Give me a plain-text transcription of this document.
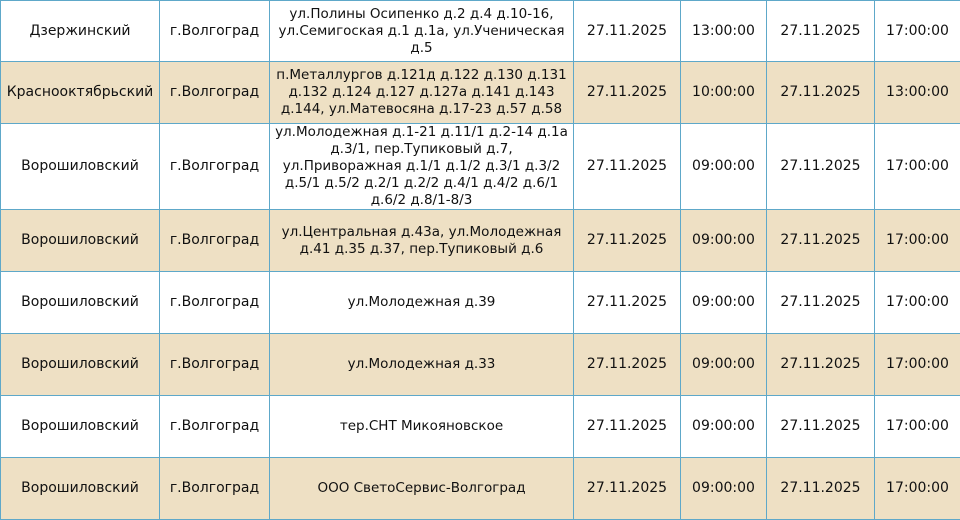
Дзержинский	г.Волгоград	ул.Полины Осипенко д.2 д.4 д.10-16, ул.Семигоская д.1 д.1а, ул.Ученическая д.5	27.11.2025	13:00:00	27.11.2025	17:00:00
Краснооктябрьский	г.Волгоград	п.Металлургов д.121д д.122 д.130 д.131 д.132 д.124 д.127 д.127а д.141 д.143 д.144, ул.Матевосяна д.17-23 д.57 д.58	27.11.2025	10:00:00	27.11.2025	13:00:00
Ворошиловский	г.Волгоград	ул.Молодежная д.1-21 д.11/1 д.2-14 д.1а д.3/1, пер.Тупиковый д.7, ул.Приворажная д.1/1 д.1/2 д.3/1 д.3/2 д.5/1 д.5/2 д.2/1 д.2/2 д.4/1 д.4/2 д.6/1 д.6/2 д.8/1-8/3	27.11.2025	09:00:00	27.11.2025	17:00:00
Ворошиловский	г.Волгоград	ул.Центральная д.43а, ул.Молодежная д.41 д.35 д.37, пер.Тупиковый д.6	27.11.2025	09:00:00	27.11.2025	17:00:00
Ворошиловский	г.Волгоград	ул.Молодежная д.39	27.11.2025	09:00:00	27.11.2025	17:00:00
Ворошиловский	г.Волгоград	ул.Молодежная д.33	27.11.2025	09:00:00	27.11.2025	17:00:00
Ворошиловский	г.Волгоград	тер.СНТ Микояновское	27.11.2025	09:00:00	27.11.2025	17:00:00
Ворошиловский	г.Волгоград	ООО СветоСервис-Волгоград	27.11.2025	09:00:00	27.11.2025	17:00:00
